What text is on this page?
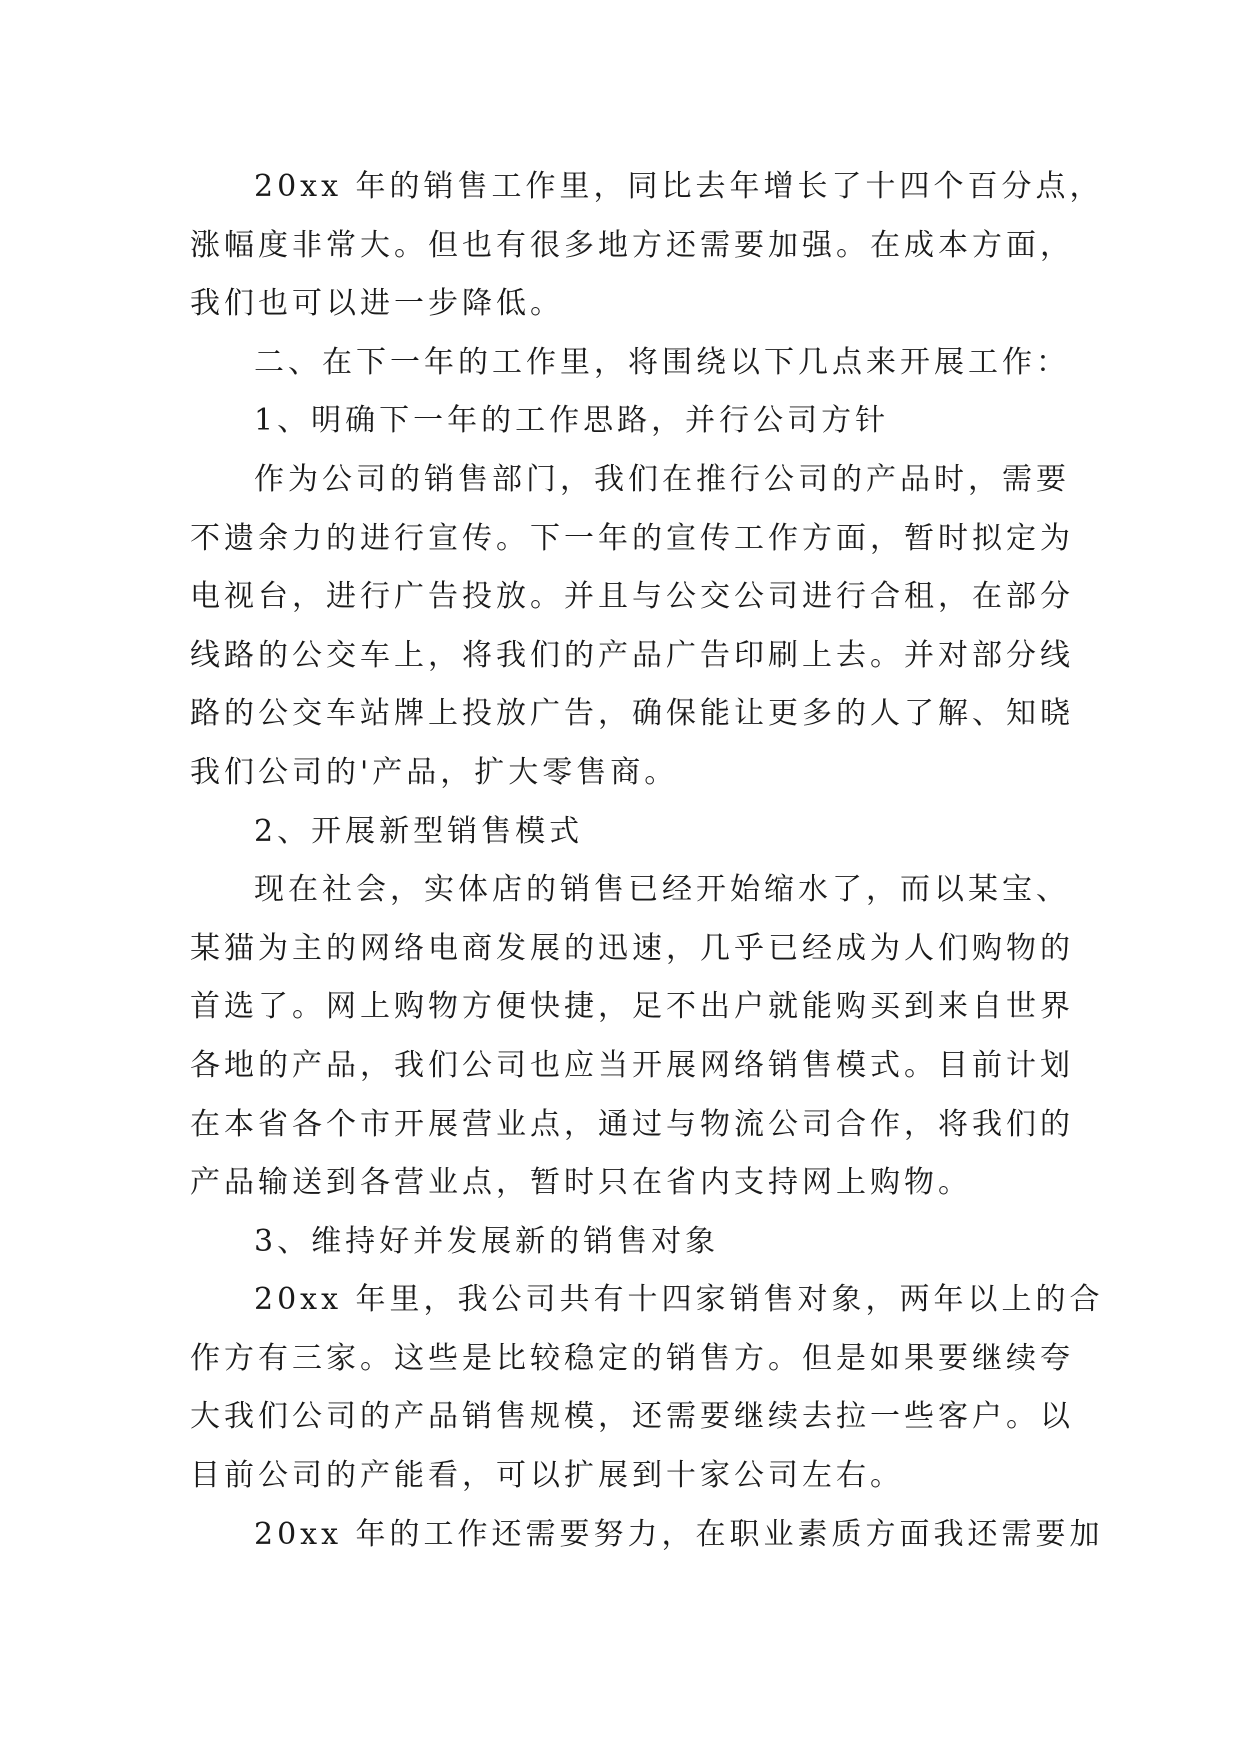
20xx 年的销售工作里，同比去年增长了十四个百分点，
涨幅度非常大。但也有很多地方还需要加强。在成本方面，
我们也可以进一步降低。
二、在下一年的工作里，将围绕以下几点来开展工作：
1、明确下一年的工作思路，并行公司方针
作为公司的销售部门，我们在推行公司的产品时，需要
不遗余力的进行宣传。下一年的宣传工作方面，暂时拟定为
电视台，进行广告投放。并且与公交公司进行合租，在部分
线路的公交车上，将我们的产品广告印刷上去。并对部分线
路的公交车站牌上投放广告，确保能让更多的人了解、知晓
我们公司的'产品，扩大零售商。
2、开展新型销售模式
现在社会，实体店的销售已经开始缩水了，而以某宝、
某猫为主的网络电商发展的迅速，几乎已经成为人们购物的
首选了。网上购物方便快捷，足不出户就能购买到来自世界
各地的产品，我们公司也应当开展网络销售模式。目前计划
在本省各个市开展营业点，通过与物流公司合作，将我们的
产品输送到各营业点，暂时只在省内支持网上购物。
3、维持好并发展新的销售对象
20xx 年里，我公司共有十四家销售对象，两年以上的合
作方有三家。这些是比较稳定的销售方。但是如果要继续夸
大我们公司的产品销售规模，还需要继续去拉一些客户。以
目前公司的产能看，可以扩展到十家公司左右。
20xx 年的工作还需要努力，在职业素质方面我还需要加
